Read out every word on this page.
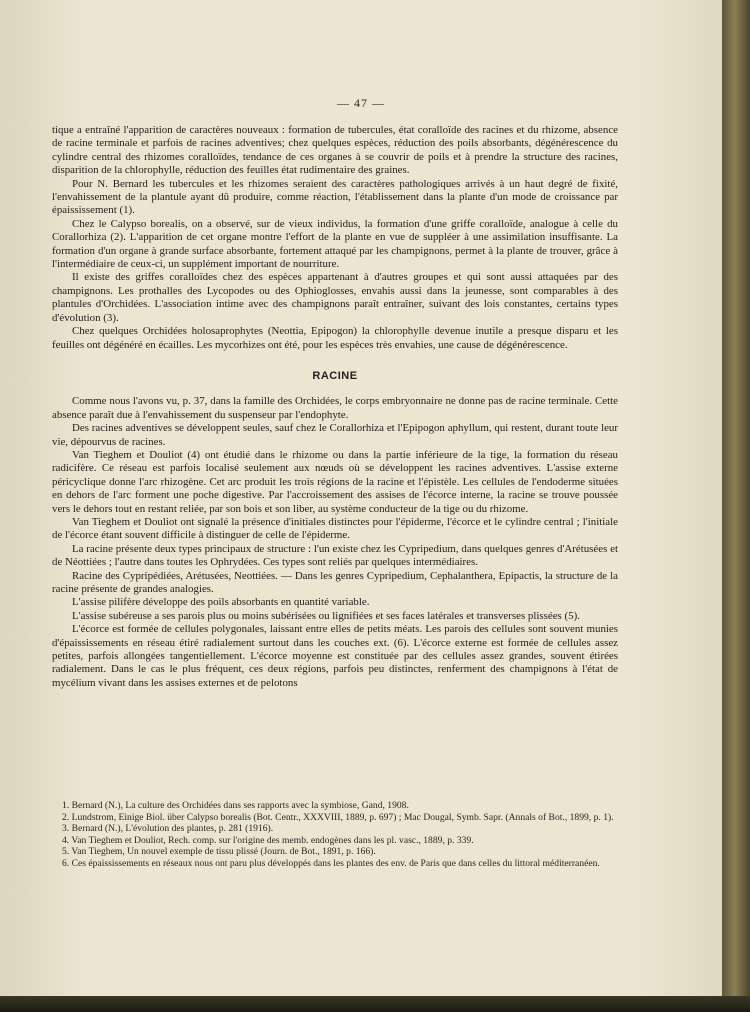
— 47 —

tique a entraîné l'apparition de caractères nouveaux : formation de tubercules, état coralloïde des racines et du rhizome, absence de racine terminale et parfois de racines adventives; chez quelques espèces, réduction des poils absorbants, dégénérescence du cylindre central des rhizomes coralloïdes, tendance de ces organes à se couvrir de poils et à prendre la structure des racines, disparition de la chlorophylle, réduction des feuilles état rudimentaire des graines.

Pour N. Bernard les tubercules et les rhizomes seraient des caractères pathologiques arrivés à un haut degré de fixité, l'envahissement de la plantule ayant dû produire, comme réaction, l'établissement dans la plante d'un mode de croissance par épaississement (1).

Chez le Calypso borealis, on a observé, sur de vieux individus, la formation d'une griffe coralloïde, analogue à celle du Corallorhiza (2). L'apparition de cet organe montre l'effort de la plante en vue de suppléer à une assimilation insuffisante. La formation d'un organe à grande surface absorbante, fortement attaqué par les champignons, permet à la plante de trouver, grâce à l'intermédiaire de ceux-ci, un supplément important de nourriture.

Il existe des griffes coralloïdes chez des espèces appartenant à d'autres groupes et qui sont aussi attaquées par des champignons. Les prothalles des Lycopodes ou des Ophioglosses, envahis aussi dans la jeunesse, sont comparables à des plantules d'Orchidées. L'association intime avec des champignons paraît entraîner, suivant des lois constantes, certains types d'évolution (3).

Chez quelques Orchidées holosaprophytes (Neottia, Epipogon) la chlorophylle devenue inutile a presque disparu et les feuilles ont dégénéré en écailles. Les mycorhizes ont été, pour les espèces très envahies, une cause de dégénérescence.

RACINE

Comme nous l'avons vu, p. 37, dans la famille des Orchidées, le corps embryonnaire ne donne pas de racine terminale. Cette absence paraît due à l'envahissement du suspenseur par l'endophyte.

Des racines adventives se développent seules, sauf chez le Corallorhiza et l'Epipogon aphyllum, qui restent, durant toute leur vie, dépourvus de racines.

Van Tieghem et Douliot (4) ont étudié dans le rhizome ou dans la partie inférieure de la tige, la formation du réseau radicifère. Ce réseau est parfois localisé seulement aux nœuds où se développent les racines adventives. L'assise externe péricyclique donne l'arc rhizogène. Cet arc produit les trois régions de la racine et l'épistèle. Les cellules de l'endoderme situées en dehors de l'arc forment une poche digestive. Par l'accroissement des assises de l'écorce interne, la racine se trouve poussée vers le dehors tout en restant reliée, par son bois et son liber, au système conducteur de la tige ou du rhizome.

Van Tieghem et Douliot ont signalé la présence d'initiales distinctes pour l'épiderme, l'écorce et le cylindre central ; l'initiale de l'écorce étant souvent difficile à distinguer de celle de l'épiderme.

La racine présente deux types principaux de structure : l'un existe chez les Cypripedium, dans quelques genres d'Arétusées et de Néottiées ; l'autre dans toutes les Ophrydées. Ces types sont reliés par quelques intermédiaires.

Racine des Cypripédiées, Arétusées, Neottiées. — Dans les genres Cypripedium, Cephalanthera, Epipactis, la structure de la racine présente de grandes analogies.

L'assise pilifère développe des poils absorbants en quantité variable.

L'assise subéreuse a ses parois plus ou moins subérisées ou lignifiées et ses faces latérales et transverses plissées (5).

L'écorce est formée de cellules polygonales, laissant entre elles de petits méats. Les parois des cellules sont souvent munies d'épaississements en réseau étiré radialement surtout dans les couches ext. (6). L'écorce externe est formée de cellules assez petites, parfois allongées tangentiellement. L'écorce moyenne est constituée par des cellules assez grandes, souvent étirées radialement. Dans le cas le plus fréquent, ces deux régions, parfois peu distinctes, renferment des champignons à l'état de mycélium vivant dans les assises externes et de pelotons

1. Bernard (N.), La culture des Orchidées dans ses rapports avec la symbiose, Gand, 1908.

2. Lundstrom, Einige Biol. über Calypso borealis (Bot. Centr., XXXVIII, 1889, p. 697) ; Mac Dougal, Symb. Sapr. (Annals of Bot., 1899, p. 1).

3. Bernard (N.), L'évolution des plantes, p. 281 (1916).

4. Van Tieghem et Douliot, Rech. comp. sur l'origine des memb. endogènes dans les pl. vasc., 1889, p. 339.

5. Van Tieghem, Un nouvel exemple de tissu plissé (Journ. de Bot., 1891, p. 166).

6. Ces épaississements en réseaux nous ont paru plus développés dans les plantes des env. de Paris que dans celles du littoral méditerranéen.
